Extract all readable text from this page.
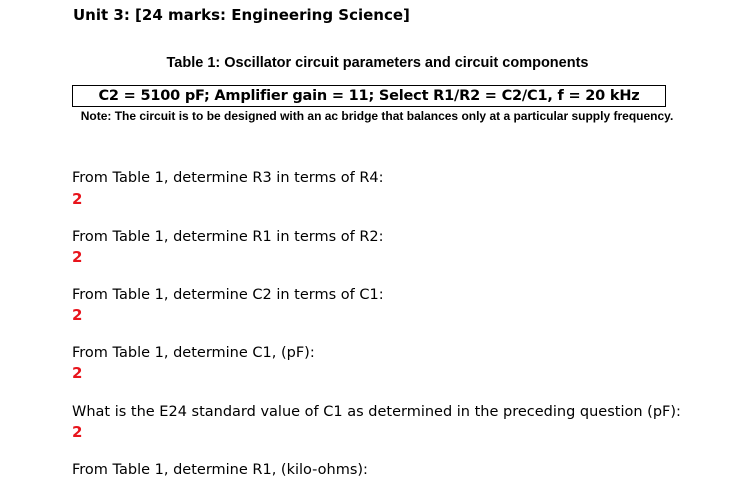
Unit 3: [24 marks: Engineering Science]
Table 1: Oscillator circuit parameters and circuit components
C2 = 5100 pF; Amplifier gain = 11; Select R1/R2 = C2/C1, f = 20 kHz
Note: The circuit is to be designed with an ac bridge that balances only at a particular supply frequency.
From Table 1, determine R3 in terms of R4:
2
From Table 1, determine R1 in terms of R2:
2
From Table 1, determine C2 in terms of C1:
2
From Table 1, determine C1, (pF):
2
What is the E24 standard value of C1 as determined in the preceding question (pF):
2
From Table 1, determine R1, (kilo-ohms):
